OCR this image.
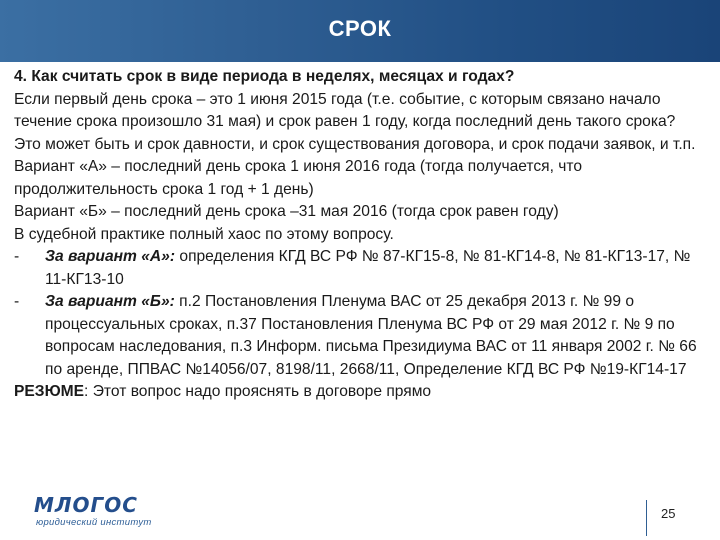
СРОК

4. Как считать срок в виде периода в неделях, месяцах и годах?

Если первый день срока – это 1 июня 2015 года (т.е. событие, с которым связано начало течение срока произошло 31 мая) и срок равен 1 году, когда последний день такого срока? Это может быть и срок давности, и срок существования договора, и срок подачи заявок, и т.п.

Вариант «А» – последний день срока 1 июня 2016 года (тогда получается, что продолжительность срока 1 год + 1 день)

Вариант «Б» – последний день срока –31 мая 2016 (тогда срок равен году)

В судебной практике полный хаос по этому вопросу.

- За вариант «А»: определения КГД ВС РФ № 87-КГ15-8, № 81-КГ14-8, № 81-КГ13-17, № 11-КГ13-10
- За вариант «Б»: п.2 Постановления Пленума ВАС от 25 декабря 2013 г. № 99 о процессуальных сроках, п.37 Постановления Пленума ВС РФ от 29 мая 2012 г. № 9 по вопросам наследования, п.3 Информ. письма Президиума ВАС от 11 января 2002 г. № 66 по аренде, ППВАС №14056/07, 8198/11, 2668/11, Определение КГД ВС РФ №19-КГ14-17

РЕЗЮМЕ: Этот вопрос надо прояснять в договоре прямо

МЛОГОС
юридический институт
25
